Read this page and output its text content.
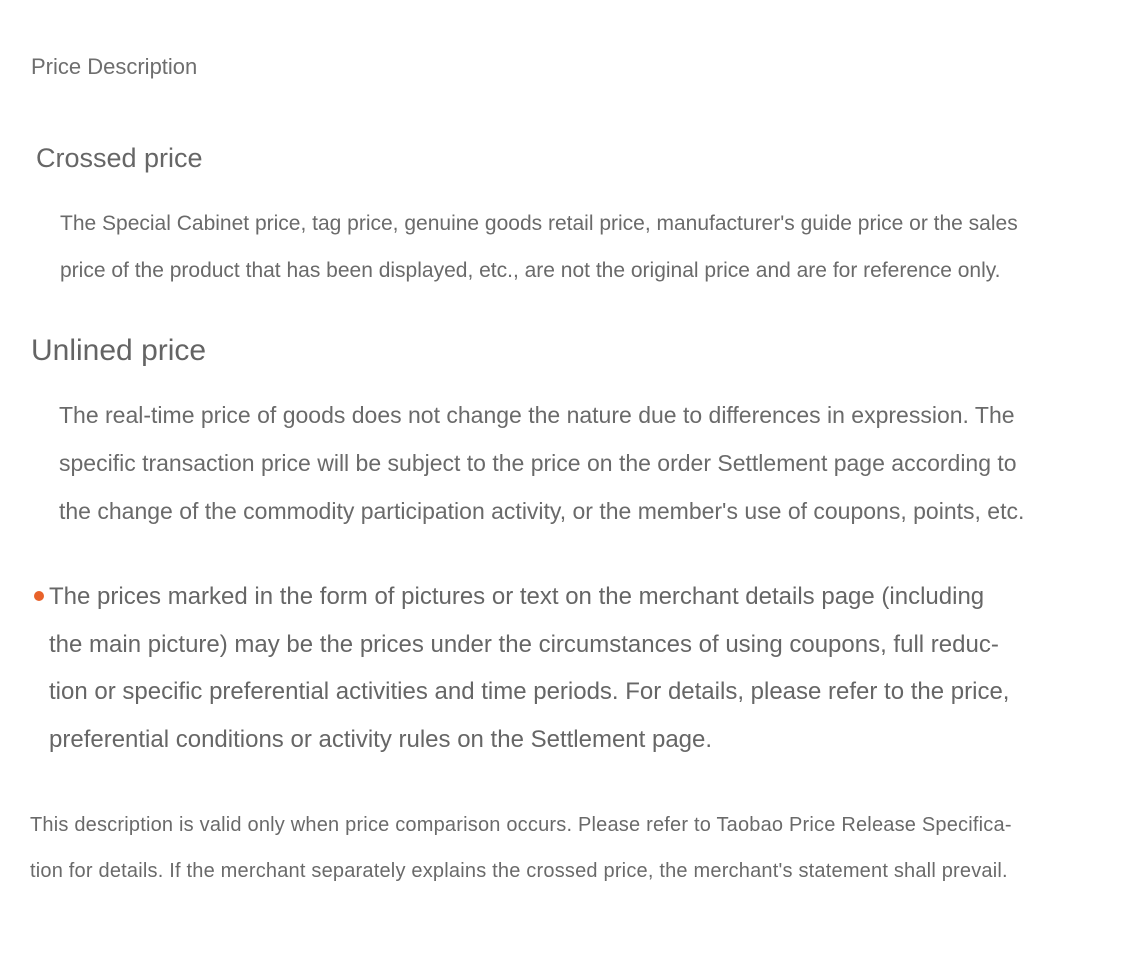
Price Description
Crossed price

The Special Cabinet price, tag price, genuine goods retail price, manufacturer's guide price or the sales
price of the product that has been displayed, etc., are not the original price and are for reference only.

Unlined price

The real-time price of goods does not change the nature due to differences in expression. The
specific transaction price will be subject to the price on the order Settlement page according to
the change of the commodity participation activity, or the member's use of coupons, points, etc.

The prices marked in the form of pictures or text on the merchant details page (including
the main picture) may be the prices under the circumstances of using coupons, full reduc-
tion or specific preferential activities and time periods. For details, please refer to the price,
preferential conditions or activity rules on the Settlement page.

This description is valid only when price comparison occurs. Please refer to Taobao Price Release Specifica-
tion for details. If the merchant separately explains the crossed price, the merchant's statement shall prevail.
